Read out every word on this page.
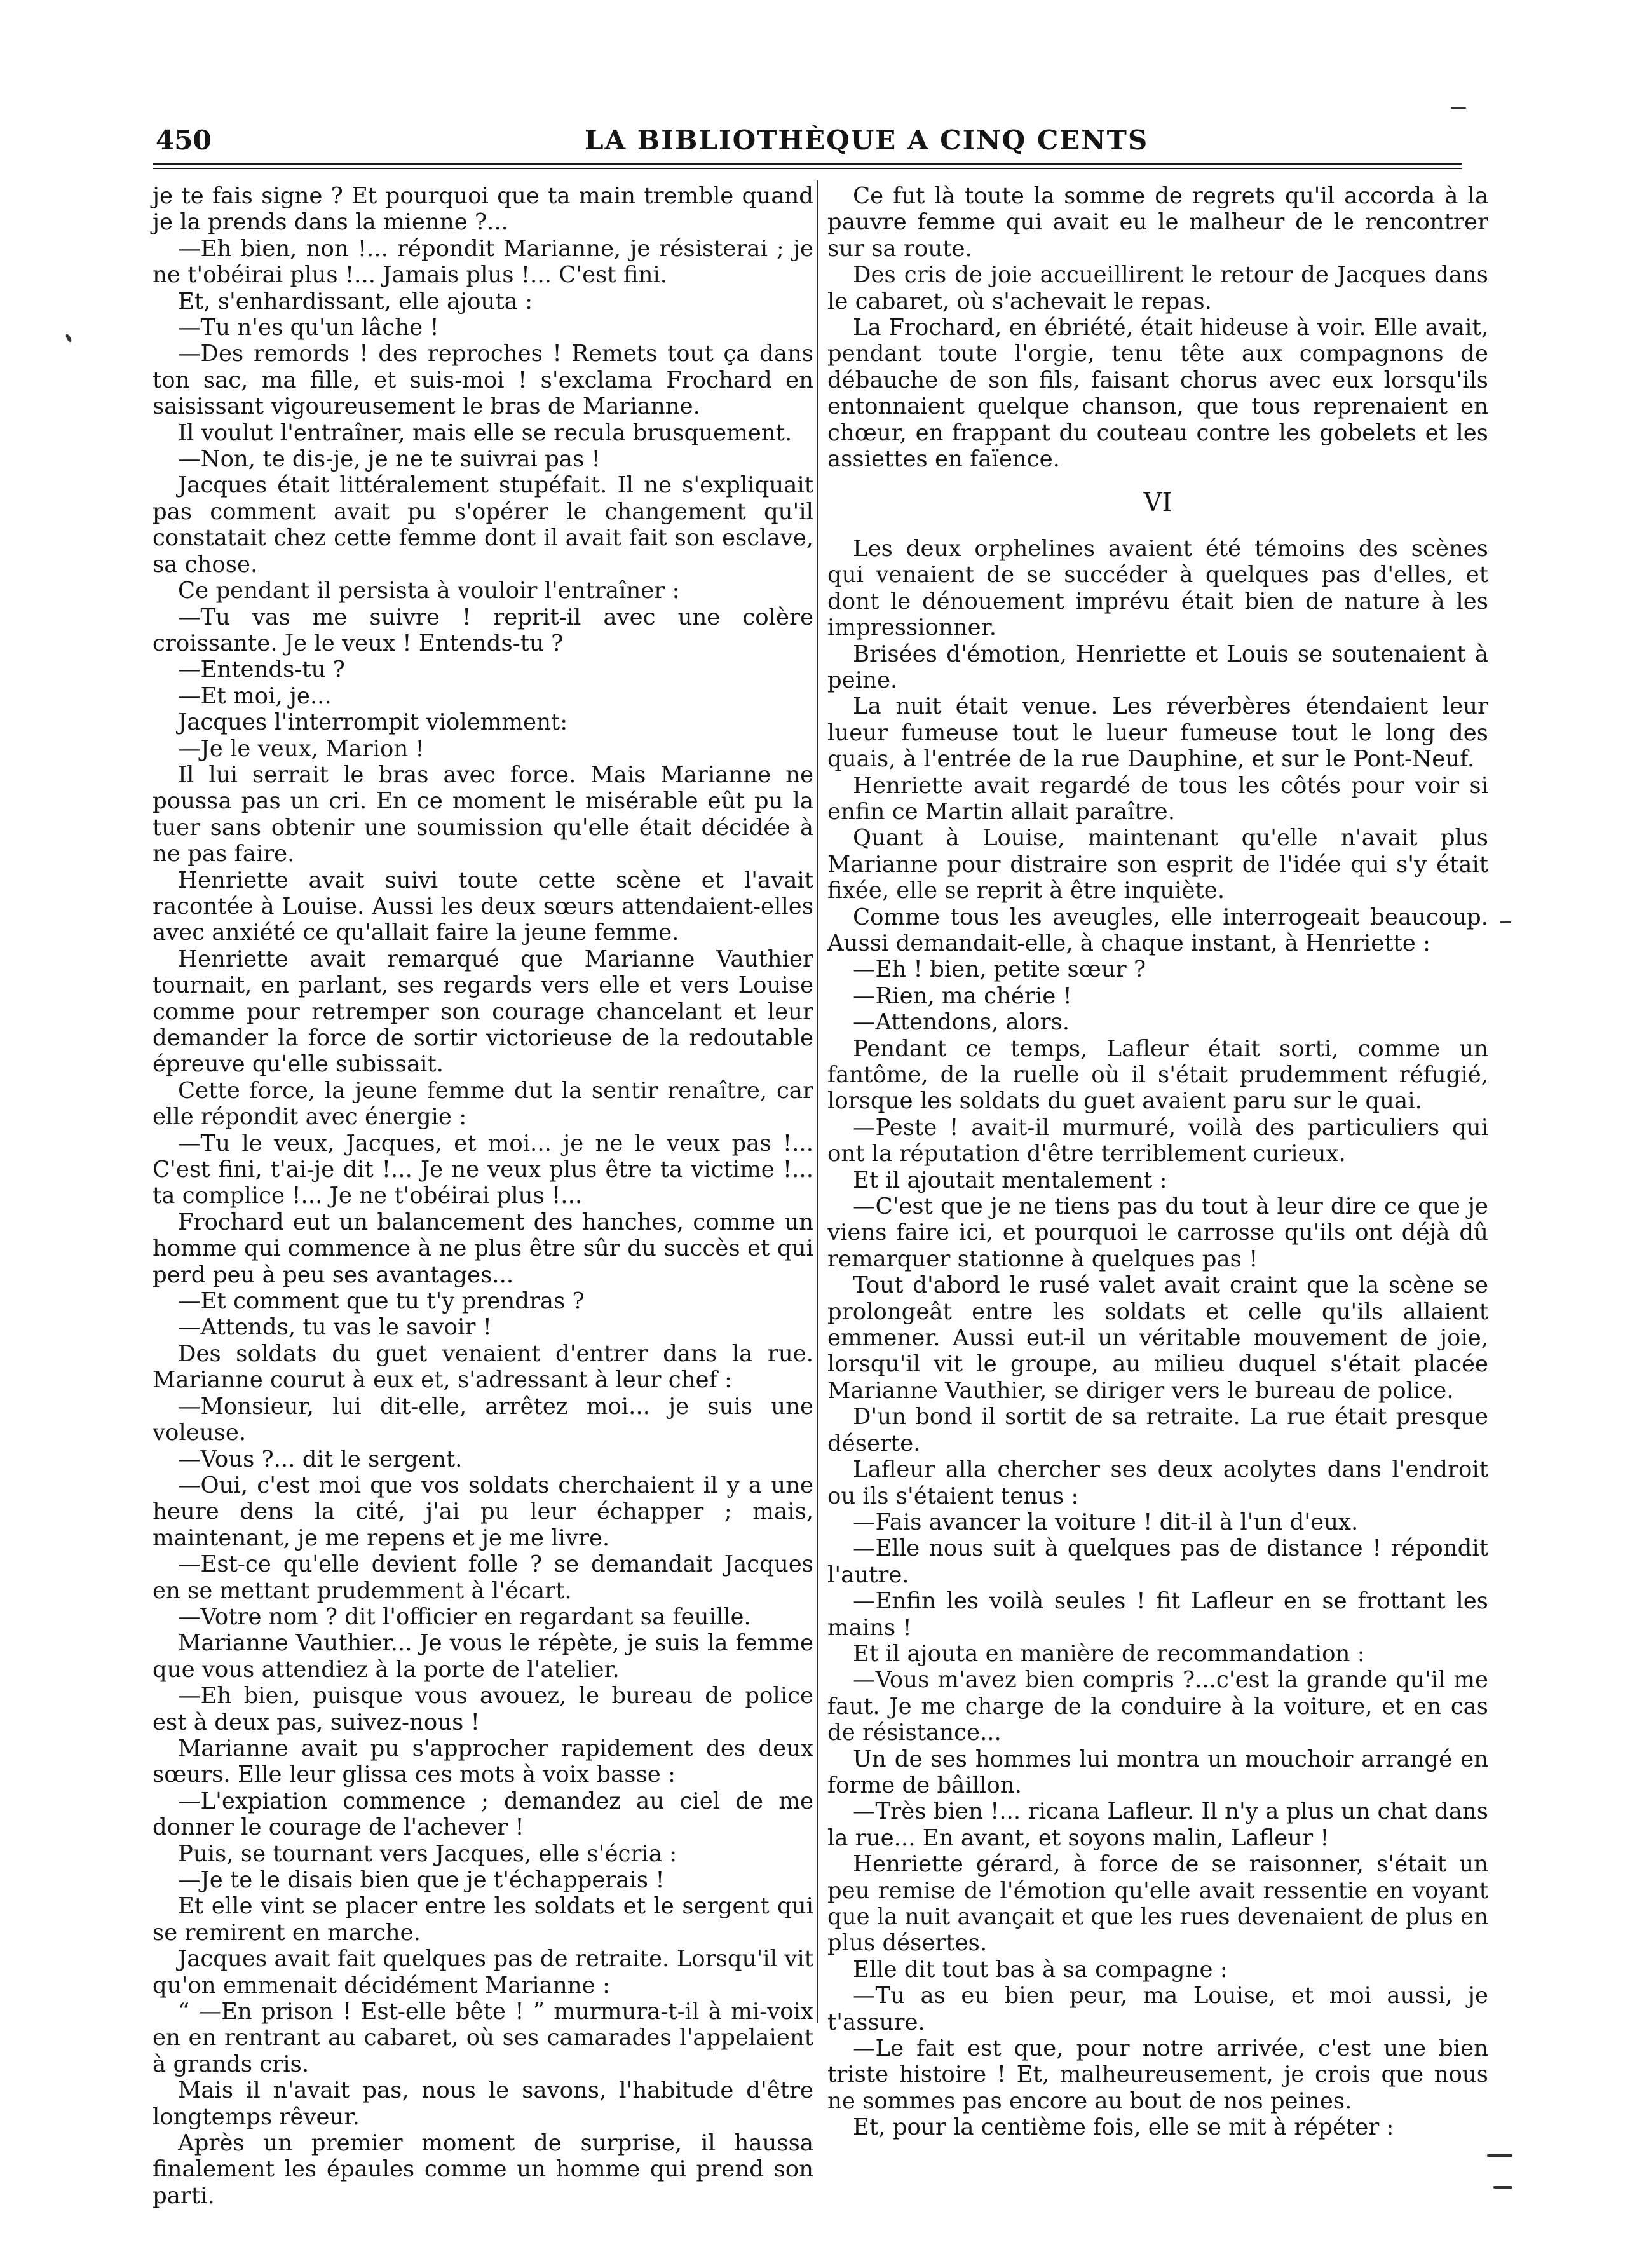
450	LA BIBLIOTHÈQUE A CINQ CENTS

je te fais signe ? Et pourquoi que ta main tremble quand je la prends dans la mienne ?...

—Eh bien, non !... répondit Marianne, je résisterai ; je ne t'obéirai plus !... Jamais plus !... C'est fini.

Et, s'enhardissant, elle ajouta :

—Tu n'es qu'un lâche !

—Des remords ! des reproches ! Remets tout ça dans ton sac, ma fille, et suis-moi ! s'exclama Frochard en saisissant vigoureusement le bras de Marianne.

Il voulut l'entraîner, mais elle se recula brusquement.

—Non, te dis-je, je ne te suivrai pas !

Jacques était littéralement stupéfait. Il ne s'expliquait pas comment avait pu s'opérer le changement qu'il constatait chez cette femme dont il avait fait son esclave, sa chose.

Ce pendant il persista à vouloir l'entraîner :

—Tu vas me suivre ! reprit-il avec une colère croissante. Je le veux ! Entends-tu ?

—Entends-tu ?

—Et moi, je...

Jacques l'interrompit violemment:

—Je le veux, Marion !

Il lui serrait le bras avec force. Mais Marianne ne poussa pas un cri. En ce moment le misérable eût pu la tuer sans obtenir une soumission qu'elle était décidée à ne pas faire.

Henriette avait suivi toute cette scène et l'avait racontée à Louise. Aussi les deux sœurs attendaient-elles avec anxiété ce qu'allait faire la jeune femme.

Henriette avait remarqué que Marianne Vauthier tournait, en parlant, ses regards vers elle et vers Louise comme pour retremper son courage chancelant et leur demander la force de sortir victorieuse de la redoutable épreuve qu'elle subissait.

Cette force, la jeune femme dut la sentir renaître, car elle répondit avec énergie :

—Tu le veux, Jacques, et moi... je ne le veux pas !... C'est fini, t'ai-je dit !... Je ne veux plus être ta victime !... ta complice !... Je ne t'obéirai plus !...

Frochard eut un balancement des hanches, comme un homme qui commence à ne plus être sûr du succès et qui perd peu à peu ses avantages...

—Et comment que tu t'y prendras ?

—Attends, tu vas le savoir !

Des soldats du guet venaient d'entrer dans la rue. Marianne courut à eux et, s'adressant à leur chef :

—Monsieur, lui dit-elle, arrêtez moi... je suis une voleuse.

—Vous ?... dit le sergent.

—Oui, c'est moi que vos soldats cherchaient il y a une heure dens la cité, j'ai pu leur échapper ; mais, maintenant, je me repens et je me livre.

—Est-ce qu'elle devient folle ? se demandait Jacques en se mettant prudemment à l'écart.

—Votre nom ? dit l'officier en regardant sa feuille.

Marianne Vauthier... Je vous le répète, je suis la femme que vous attendiez à la porte de l'atelier.

—Eh bien, puisque vous avouez, le bureau de police est à deux pas, suivez-nous !

Marianne avait pu s'approcher rapidement des deux sœurs. Elle leur glissa ces mots à voix basse :

—L'expiation commence ; demandez au ciel de me donner le courage de l'achever !

Puis, se tournant vers Jacques, elle s'écria :

—Je te le disais bien que je t'échapperais !

Et elle vint se placer entre les soldats et le sergent qui se remirent en marche.

Jacques avait fait quelques pas de retraite. Lorsqu'il vit qu'on emmenait décidément Marianne :

“ —En prison ! Est-elle bête ! ” murmura-t-il à mi-voix en en rentrant au cabaret, où ses camarades l'appelaient à grands cris.

Mais il n'avait pas, nous le savons, l'habitude d'être longtemps rêveur.

Après un premier moment de surprise, il haussa finalement les épaules comme un homme qui prend son parti.

Ce fut là toute la somme de regrets qu'il accorda à la pauvre femme qui avait eu le malheur de le rencontrer sur sa route.

Des cris de joie accueillirent le retour de Jacques dans le cabaret, où s'achevait le repas.

La Frochard, en ébriété, était hideuse à voir. Elle avait, pendant toute l'orgie, tenu tête aux compagnons de débauche de son fils, faisant chorus avec eux lorsqu'ils entonnaient quelque chanson, que tous reprenaient en chœur, en frappant du couteau contre les gobelets et les assiettes en faïence.

VI

Les deux orphelines avaient été témoins des scènes qui venaient de se succéder à quelques pas d'elles, et dont le dénouement imprévu était bien de nature à les impressionner.

Brisées d'émotion, Henriette et Louis se soutenaient à peine.

La nuit était venue. Les réverbères étendaient leur lueur fumeuse tout le lueur fumeuse tout le long des quais, à l'entrée de la rue Dauphine, et sur le Pont-Neuf.

Henriette avait regardé de tous les côtés pour voir si enfin ce Martin allait paraître.

Quant à Louise, maintenant qu'elle n'avait plus Marianne pour distraire son esprit de l'idée qui s'y était fixée, elle se reprit à être inquiète.

Comme tous les aveugles, elle interrogeait beaucoup. Aussi demandait-elle, à chaque instant, à Henriette :

—Eh ! bien, petite sœur ?

—Rien, ma chérie !

—Attendons, alors.

Pendant ce temps, Lafleur était sorti, comme un fantôme, de la ruelle où il s'était prudemment réfugié, lorsque les soldats du guet avaient paru sur le quai.

—Peste ! avait-il murmuré, voilà des particuliers qui ont la réputation d'être terriblement curieux.

Et il ajoutait mentalement :

—C'est que je ne tiens pas du tout à leur dire ce que je viens faire ici, et pourquoi le carrosse qu'ils ont déjà dû remarquer stationne à quelques pas !

Tout d'abord le rusé valet avait craint que la scène se prolongeât entre les soldats et celle qu'ils allaient emmener. Aussi eut-il un véritable mouvement de joie, lorsqu'il vit le groupe, au milieu duquel s'était placée Marianne Vauthier, se diriger vers le bureau de police.

D'un bond il sortit de sa retraite. La rue était presque déserte.

Lafleur alla chercher ses deux acolytes dans l'endroit ou ils s'étaient tenus :

—Fais avancer la voiture ! dit-il à l'un d'eux.

—Elle nous suit à quelques pas de distance ! répondit l'autre.

—Enfin les voilà seules ! fit Lafleur en se frottant les mains !

Et il ajouta en manière de recommandation :

—Vous m'avez bien compris ?...c'est la grande qu'il me faut. Je me charge de la conduire à la voiture, et en cas de résistance...

Un de ses hommes lui montra un mouchoir arrangé en forme de bâillon.

—Très bien !... ricana Lafleur. Il n'y a plus un chat dans la rue... En avant, et soyons malin, Lafleur !

Henriette gérard, à force de se raisonner, s'était un peu remise de l'émotion qu'elle avait ressentie en voyant que la nuit avançait et que les rues devenaient de plus en plus désertes.

Elle dit tout bas à sa compagne :

—Tu as eu bien peur, ma Louise, et moi aussi, je t'assure.

—Le fait est que, pour notre arrivée, c'est une bien triste histoire ! Et, malheureusement, je crois que nous ne sommes pas encore au bout de nos peines.

Et, pour la centième fois, elle se mit à répéter :
